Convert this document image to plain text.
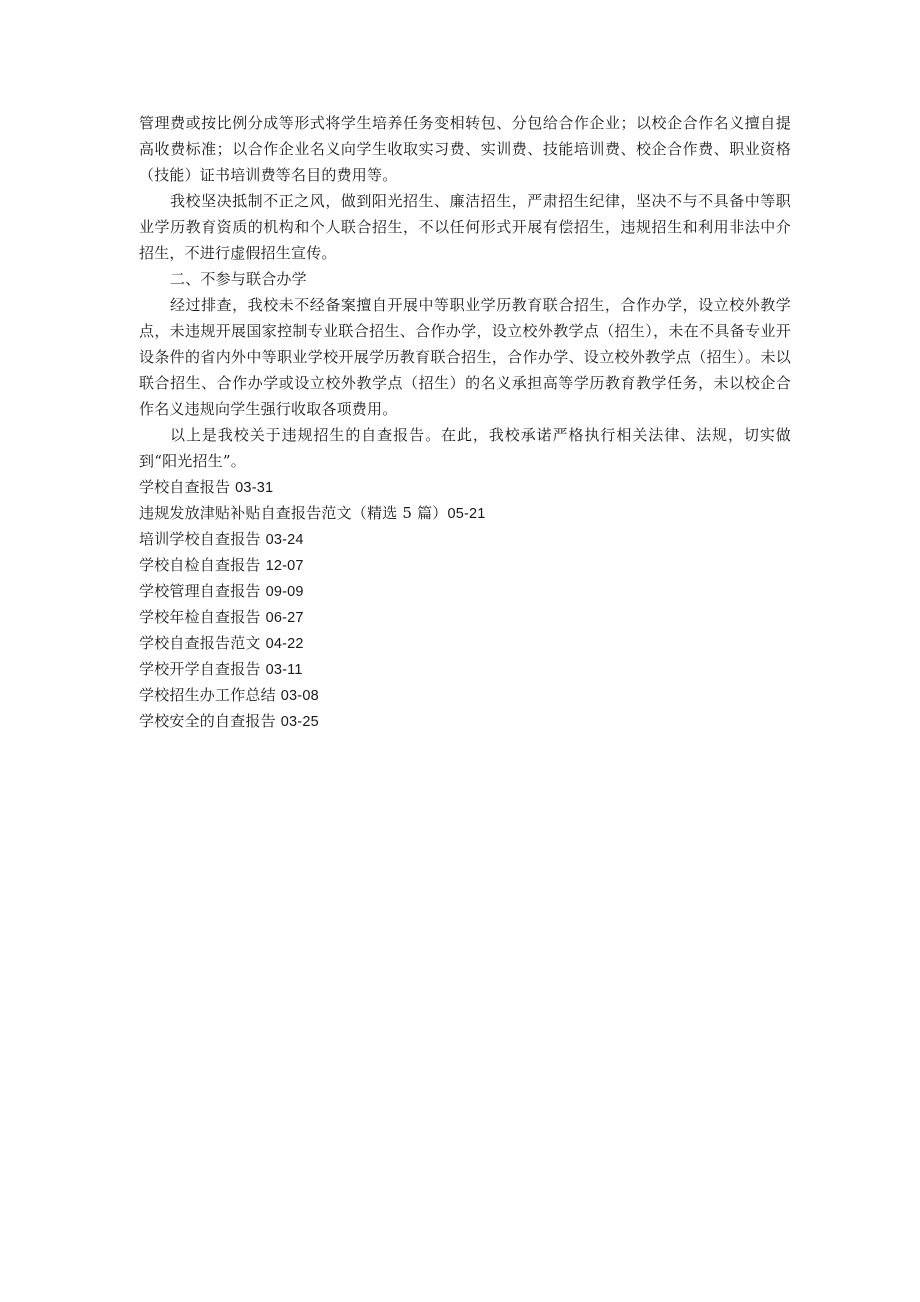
管理费或按比例分成等形式将学生培养任务变相转包、分包给合作企业；以校企合作名义擅自提高收费标准；以合作企业名义向学生收取实习费、实训费、技能培训费、校企合作费、职业资格（技能）证书培训费等名目的费用等。

我校坚决抵制不正之风，做到阳光招生、廉洁招生，严肃招生纪律，坚决不与不具备中等职业学历教育资质的机构和个人联合招生，不以任何形式开展有偿招生，违规招生和利用非法中介招生，不进行虚假招生宣传。

二、不参与联合办学

经过排查，我校未不经备案擅自开展中等职业学历教育联合招生，合作办学，设立校外教学点，未违规开展国家控制专业联合招生、合作办学，设立校外教学点（招生），未在不具备专业开设条件的省内外中等职业学校开展学历教育联合招生，合作办学、设立校外教学点（招生）。未以联合招生、合作办学或设立校外教学点（招生）的名义承担高等学历教育教学任务，未以校企合作名义违规向学生强行收取各项费用。

以上是我校关于违规招生的自查报告。在此，我校承诺严格执行相关法律、法规，切实做到“阳光招生”。

学校自查报告 03-31
违规发放津贴补贴自查报告范文（精选 5 篇）05-21
培训学校自查报告 03-24
学校自检自查报告 12-07
学校管理自查报告 09-09
学校年检自查报告 06-27
学校自查报告范文 04-22
学校开学自查报告 03-11
学校招生办工作总结 03-08
学校安全的自查报告 03-25
